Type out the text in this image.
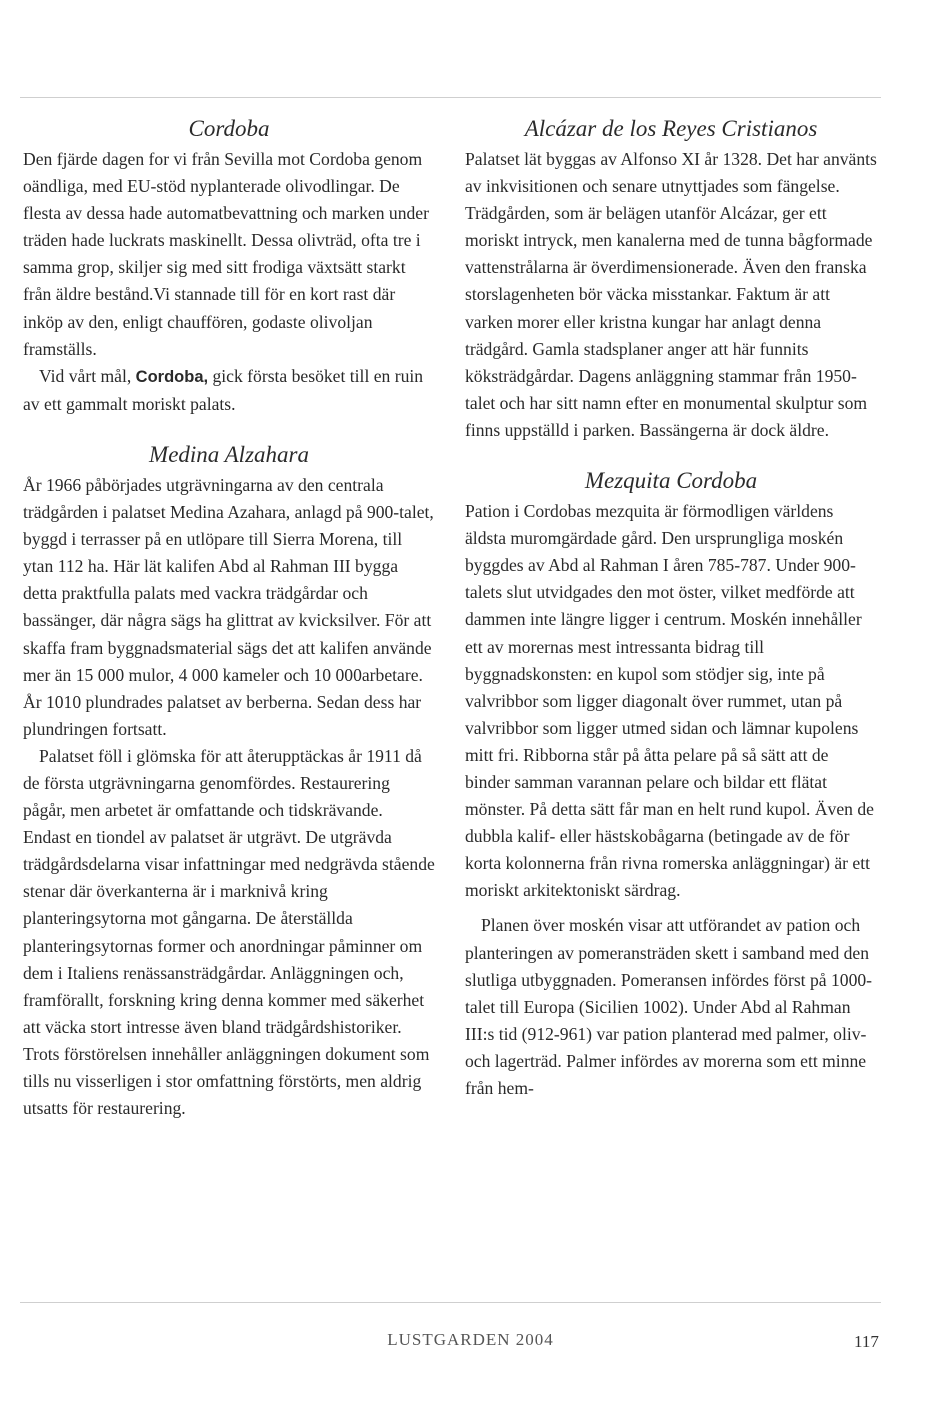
Cordoba

Den fjärde dagen for vi från Sevilla mot Cordoba genom oändliga, med EU-stöd nyplanterade olivodlingar. De flesta av dessa hade automatbevattning och marken under träden hade luckrats maskinellt. Dessa olivträd, ofta tre i samma grop, skiljer sig med sitt frodiga växtsätt starkt från äldre bestånd.Vi stannade till för en kort rast där inköp av den, enligt chauffören, godaste olivoljan framställs.

Vid vårt mål, Cordoba, gick första besöket till en ruin av ett gammalt moriskt palats.

Medina Alzahara

År 1966 påbörjades utgrävningarna av den centrala trädgården i palatset Medina Azahara, anlagd på 900-talet, byggd i terrasser på en utlöpare till Sierra Morena, till ytan 112 ha. Här lät kalifen Abd al Rahman III bygga detta praktfulla palats med vackra trädgårdar och bassänger, där några sägs ha glittrat av kvicksilver. För att skaffa fram byggnadsmaterial sägs det att kalifen använde mer än 15 000 mulor, 4 000 kameler och 10 000arbetare. År 1010 plundrades palatset av berberna. Sedan dess har plundringen fortsatt.

Palatset föll i glömska för att återupptäckas år 1911 då de första utgrävningarna genomfördes. Restaurering pågår, men arbetet är omfattande och tidskrävande. Endast en tiondel av palatset är utgrävt. De utgrävda trädgårdsdelarna visar infattningar med nedgrävda stående stenar där överkanterna är i marknivå kring planteringsytorna mot gångarna. De återställda planteringsytornas former och anordningar påminner om dem i Italiens renässansträdgårdar. Anläggningen och, framförallt, forskning kring denna kommer med säkerhet att väcka stort intresse även bland trädgårdshistoriker. Trots förstörelsen innehåller anläggningen dokument som tills nu visserligen i stor omfattning förstörts, men aldrig utsatts för restaurering.

Alcázar de los Reyes Cristianos

Palatset lät byggas av Alfonso XI år 1328. Det har använts av inkvisitionen och senare utnyttjades som fängelse. Trädgården, som är belägen utanför Alcázar, ger ett moriskt intryck, men kanalerna med de tunna bågformade vattenstrålarna är överdimensionerade. Även den franska storslagenheten bör väcka misstankar. Faktum är att varken morer eller kristna kungar har anlagt denna trädgård. Gamla stadsplaner anger att här funnits köksträdgårdar. Dagens anläggning stammar från 1950-talet och har sitt namn efter en monumental skulptur som finns uppställd i parken. Bassängerna är dock äldre.

Mezquita Cordoba

Pation i Cordobas mezquita är förmodligen världens äldsta muromgärdade gård. Den ursprungliga moskén byggdes av Abd al Rahman I åren 785-787. Under 900-talets slut utvidgades den mot öster, vilket medförde att dammen inte längre ligger i centrum. Moskén innehåller ett av morernas mest intressanta bidrag till byggnadskonsten: en kupol som stödjer sig, inte på valvribbor som ligger diagonalt över rummet, utan på valvribbor som ligger utmed sidan och lämnar kupolens mitt fri. Ribborna står på åtta pelare på så sätt att de binder samman varannan pelare och bildar ett flätat mönster. På detta sätt får man en helt rund kupol. Även de dubbla kalif- eller hästskobågarna (betingade av de för korta kolonnerna från rivna romerska anläggningar) är ett moriskt arkitektoniskt särdrag.

Planen över moskén visar att utförandet av pation och planteringen av pomeransträden skett i samband med den slutliga utbyggnaden. Pomeransen infördes först på 1000-talet till Europa (Sicilien 1002). Under Abd al Rahman III:s tid (912-961) var pation planterad med palmer, oliv- och lagerträd. Palmer infördes av morerna som ett minne från hem-

LUSTGARDEN 2004	117
